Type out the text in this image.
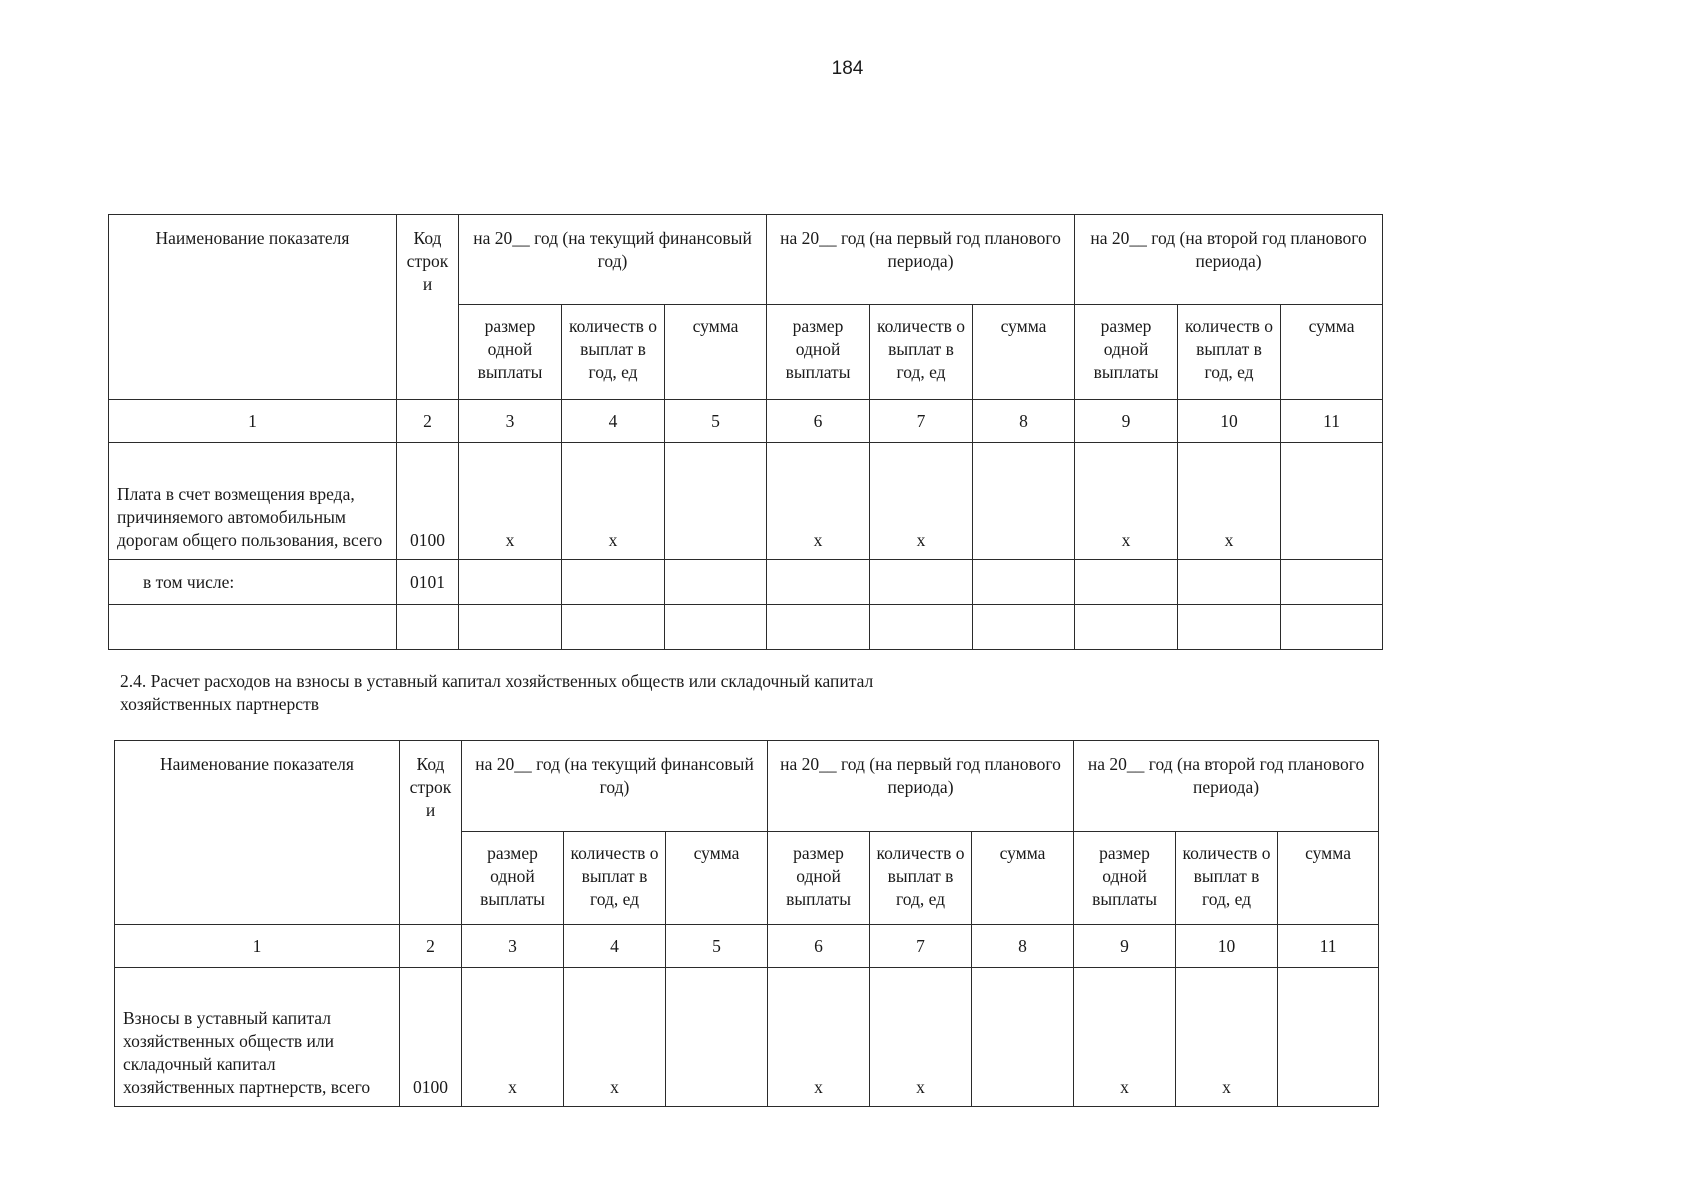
184
Наименование показателя	Код строк и	на 20__ год (на текущий финансовый год)			на 20__ год (на первый год планового периода)			на 20__ год (на второй год планового периода)		
		размер одной выплаты	количеств о выплат в год, ед	сумма	размер одной выплаты	количеств о выплат в год, ед	сумма	размер одной выплаты	количеств о выплат в год, ед	сумма
1	2	3	4	5	6	7	8	9	10	11
Плата в счет возмещения вреда, причиняемого автомобильным дорогам общего пользования, всего	0100	x	x		x	x		x	x	
в том числе:	0101									

2.4. Расчет расходов на взносы в уставный капитал хозяйственных обществ или складочный капитал хозяйственных партнерств
Наименование показателя	Код строк и	на 20__ год (на текущий финансовый год)			на 20__ год (на первый год планового периода)			на 20__ год (на второй год планового периода)		
		размер одной выплаты	количеств о выплат в год, ед	сумма	размер одной выплаты	количеств о выплат в год, ед	сумма	размер одной выплаты	количеств о выплат в год, ед	сумма
1	2	3	4	5	6	7	8	9	10	11
Взносы в уставный капитал хозяйственных обществ или складочный капитал хозяйственных партнерств, всего	0100	x	x		x	x		x	x	
